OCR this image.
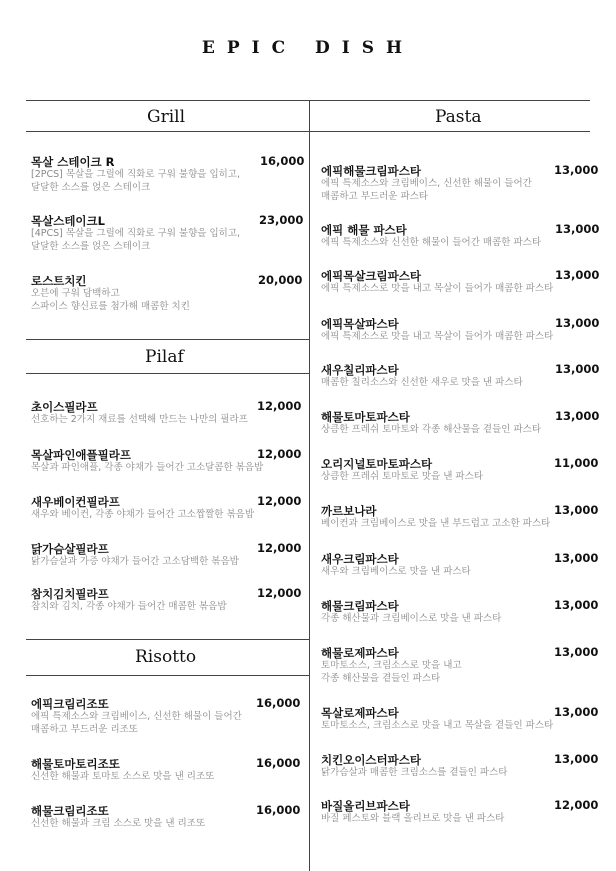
EPIC DISH
Grill	Pasta
Pilaf
Risotto
목살 스테이크 R	16,000
[2PCS] 목살을 그릴에 직화로 구워 불향을 입히고,
달달한 소스를 얹은 스테이크
목살스테이크L	23,000
[4PCS] 목살을 그릴에 직화로 구워 불향을 입히고,
달달한 소스를 얹은 스테이크
로스트치킨	20,000
오븐에 구워 담백하고
스파이스 향신료를 첨가해 매콤한 치킨
초이스필라프	12,000
선호하는 2가지 재료를 선택해 만드는 나만의 필라프
목살파인애플필라프	12,000
목살과 파인애플, 각종 야채가 들어간 고소달콤한 볶음밥
새우베이컨필라프	12,000
새우와 베이컨, 각종 야채가 들어간 고소짭짤한 볶음밥
닭가슴살필라프	12,000
닭가슴살과 가증 야채가 들어간 고소담백한 볶음밥
참치김치필라프	12,000
참치와 김치, 각종 야채가 들어간 매콤한 볶음밥
에픽크림리조또	16,000
에픽 특제소스와 크림베이스, 신선한 해물이 들어간
매콤하고 부드러운 리조또
해물토마토리조또	16,000
신선한 해물과 토마토 소스로 맛을 낸 리조또
해물크림리조또	16,000
신선한 해물과 크림 소스로 맛을 낸 리조또
에픽해물크림파스타	13,000
에픽 특제소스와 크림베이스, 신선한 해물이 들어간
매콤하고 부드러운 파스타
에픽 해물 파스타	13,000
에픽 특제소스와 신선한 해물이 들어간 매콤한 파스타
에픽목살크림파스타	13,000
에픽 특제소스로 맛을 내고 목살이 들어가 매콤한 파스타
에픽목살파스타	13,000
에픽 특제소스로 맛을 내고 목살이 들어가 매콤한 파스타
새우칠리파스타	13,000
매콤한 칠리소스와 신선한 새우로 맛을 낸 파스타
해물토마토파스타	13,000
상큼한 프레쉬 토마토와 각종 해산물을 곁들인 파스타
오리지널토마토파스타	11,000
상큼한 프레쉬 토마토로 맛을 낸 파스타
까르보나라	13,000
베이컨과 크림베이스로 맛을 낸 부드럽고 고소한 파스타
새우크림파스타	13,000
새우와 크림베이스로 맛을 낸 파스타
해물크림파스타	13,000
각종 해산물과 크림베이스로 맛을 낸 파스타
해물로제파스타	13,000
토마토소스, 크림소스로 맛을 내고
각종 해산물을 곁들인 파스타
목살로제파스타	13,000
토마토소스, 크림소스로 맛을 내고 목살을 곁들인 파스타
치킨오이스터파스타	13,000
닭가슴살과 매콤한 크림소스를 곁들인 파스타
바질올리브파스타	12,000
바질 페스토와 블랙 올리브로 맛을 낸 파스타
